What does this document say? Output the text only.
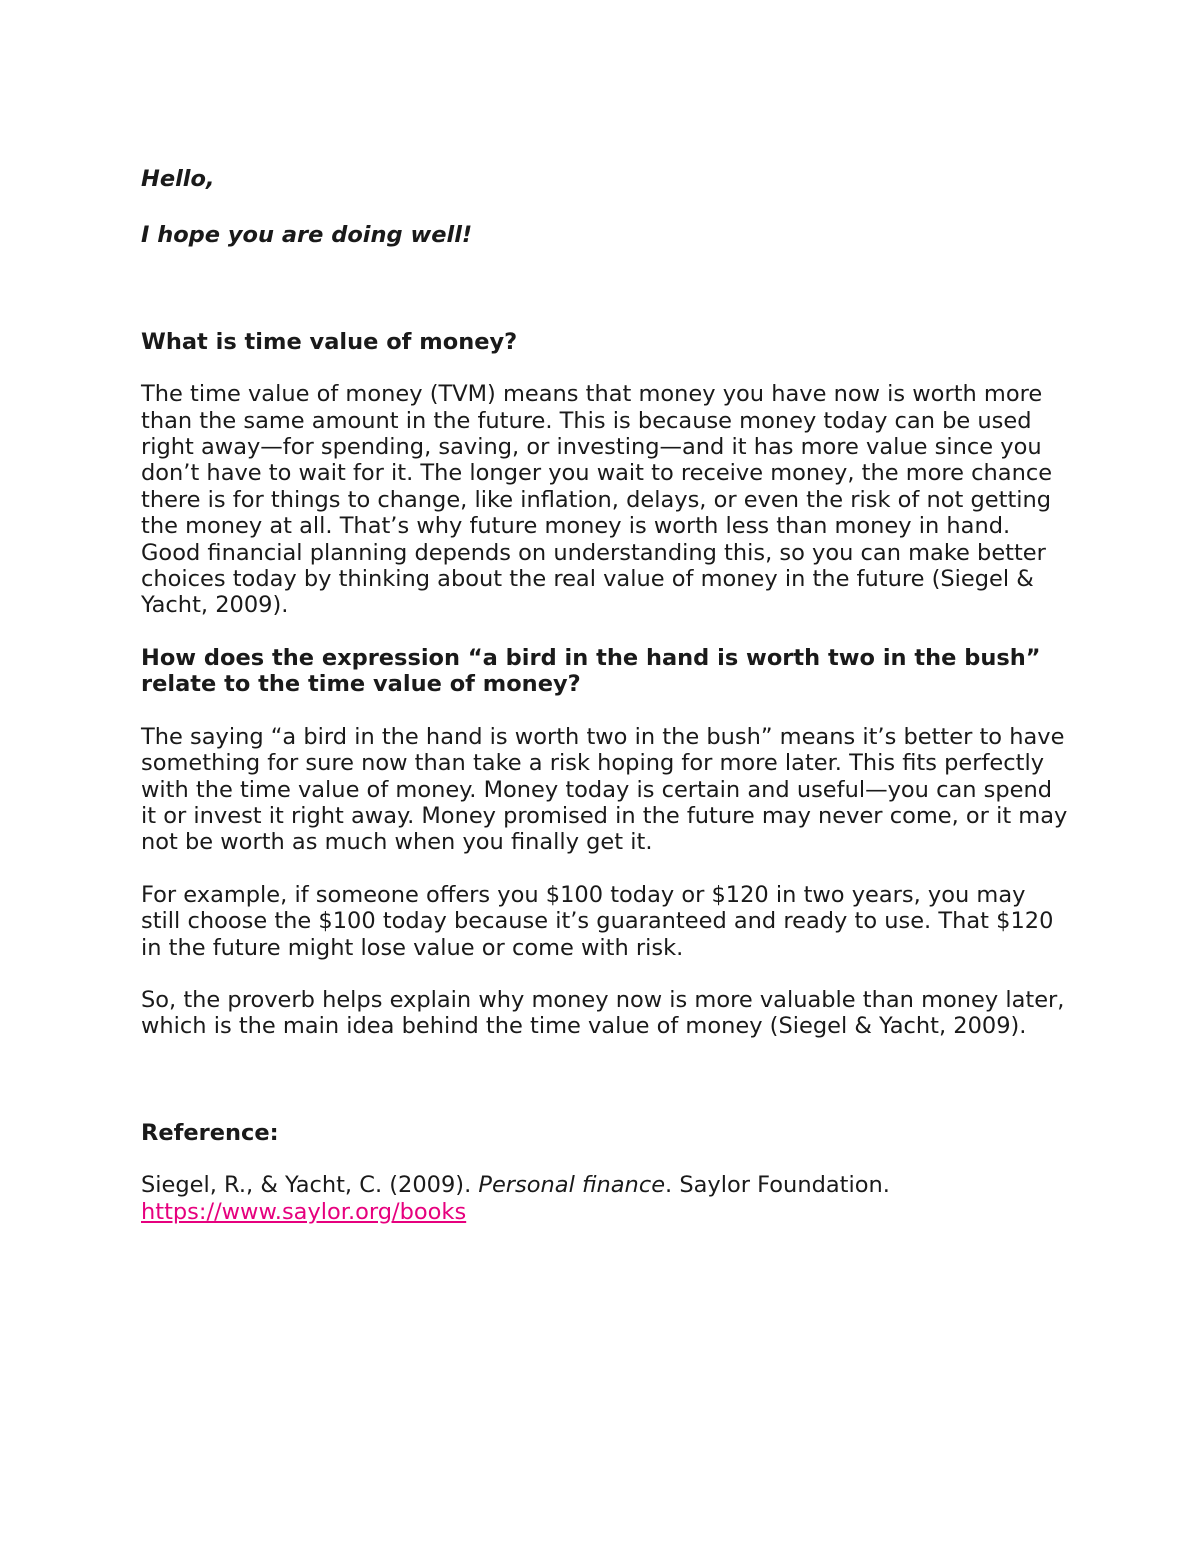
Hello,

I hope you are doing well!

What is time value of money?

The time value of money (TVM) means that money you have now is worth more than the same amount in the future. This is because money today can be used right away—for spending, saving, or investing—and it has more value since you don’t have to wait for it. The longer you wait to receive money, the more chance there is for things to change, like inflation, delays, or even the risk of not getting the money at all. That’s why future money is worth less than money in hand. Good financial planning depends on understanding this, so you can make better choices today by thinking about the real value of money in the future (Siegel & Yacht, 2009).

How does the expression “a bird in the hand is worth two in the bush” relate to the time value of money?

The saying “a bird in the hand is worth two in the bush” means it’s better to have something for sure now than take a risk hoping for more later. This fits perfectly with the time value of money. Money today is certain and useful—you can spend it or invest it right away. Money promised in the future may never come, or it may not be worth as much when you finally get it.

For example, if someone offers you $100 today or $120 in two years, you may still choose the $100 today because it’s guaranteed and ready to use. That $120 in the future might lose value or come with risk.

So, the proverb helps explain why money now is more valuable than money later, which is the main idea behind the time value of money (Siegel & Yacht, 2009).

Reference:

Siegel, R., & Yacht, C. (2009). Personal finance. Saylor Foundation. https://www.saylor.org/books
